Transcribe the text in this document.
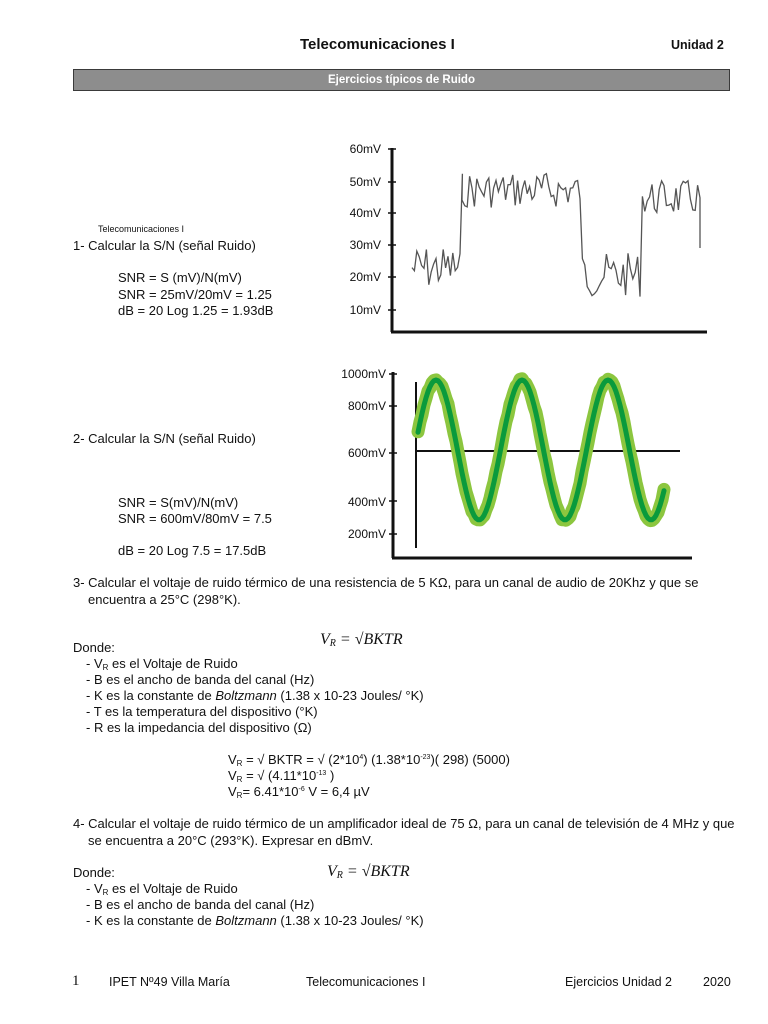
Telecomunicaciones I	Unidad 2
Ejercicios típicos de Ruido
Telecomunicaciones I
1- Calcular la S/N (señal Ruido)
SNR = S (mV)/N(mV)
SNR = 25mV/20mV = 1.25
dB = 20 Log 1.25 = 1.93dB
60mV
50mV
40mV
30mV
20mV
10mV
2- Calcular la S/N (señal Ruido)
SNR = S(mV)/N(mV)
SNR = 600mV/80mV = 7.5
dB = 20 Log 7.5 = 17.5dB
1000mV
800mV
600mV
400mV
200mV
3- Calcular el voltaje de ruido térmico de una resistencia de 5 KΩ, para un canal de audio de 20Khz y que se
encuentra a 25°C (298°K).
$V_R$ = √BKTR
Donde:
- $V_R$ es el Voltaje de Ruido
- B es el ancho de banda del canal (Hz)
- K es la constante de Boltzmann (1.38 x 10-23 Joules/ °K)
- T es la temperatura del dispositivo (°K)
- R es la impedancia del dispositivo (Ω)
$V_R$ = √ BKTR = √ $(2*10^4)$ $(1.38*10^{-23})$( 298) (5000)
$V_R$ = √ ($4.11*10^{-13}$ )
$V_R= 6.41*10^{-6}$ V = 6,4 µV
4- Calcular el voltaje de ruido térmico de un amplificador ideal de 75 Ω, para un canal de televisión de 4 MHz y que
se encuentra a 20°C (293°K). Expresar en dBmV.
$V_R$ = √BKTR
Donde:
- $V_R$ es el Voltaje de Ruido
- B es el ancho de banda del canal (Hz)
- K es la constante de Boltzmann (1.38 x 10-23 Joules/ °K)
1 IPET Nº49 Villa María	Telecomunicaciones I	Ejercicios Unidad 2 2020
